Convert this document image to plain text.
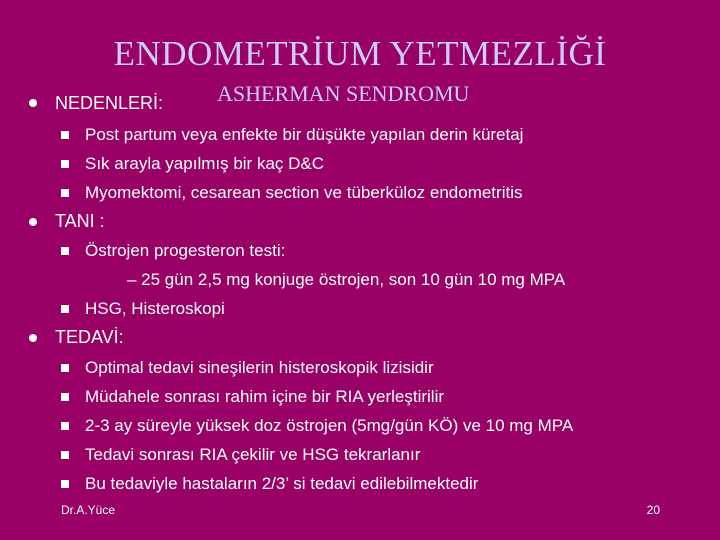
ENDOMETRİUM YETMEZLİĞİ
ASHERMAN SENDROMU
NEDENLERİ:
Post partum veya enfekte bir düşükte yapılan derin küretaj
Sık arayla yapılmış bir kaç D&C
Myomektomi, cesarean section ve tüberküloz endometritis
TANI :
Östrojen progesteron testi:
– 25 gün 2,5 mg konjuge östrojen, son 10 gün 10 mg MPA
HSG, Histeroskopi
TEDAVİ:
Optimal tedavi sineşilerin histeroskopik lizisidir
Müdahele sonrası rahim içine bir RIA yerleştirilir
2-3 ay süreyle yüksek doz östrojen (5mg/gün KÖ) ve 10 mg MPA
Tedavi sonrası RIA çekilir ve HSG tekrarlanır
Bu tedaviyle hastaların 2/3’ si tedavi edilebilmektedir
Dr.A.Yüce	20
